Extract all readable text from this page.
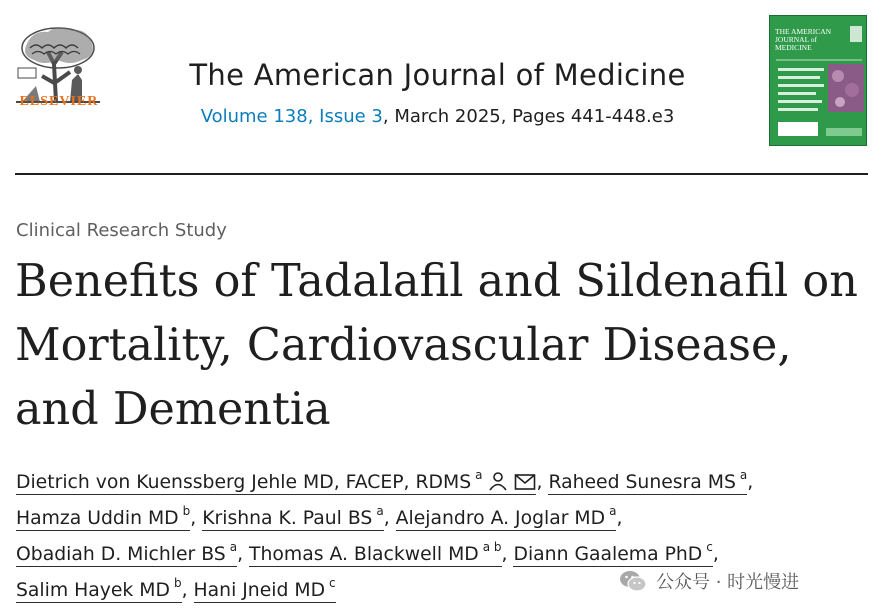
ELSEVIER
The American Journal of Medicine
Volume 138, Issue 3, March 2025, Pages 441-448.e3
THE AMERICAN JOURNAL of MEDICINE
Clinical Research Study
Benefits of Tadalafil and Sildenafil on Mortality, Cardiovascular Disease, and Dementia
Dietrich von Kuenssberg Jehle MD, FACEP, RDMS $^a$	, Raheed Sunesra MS $^a$,
Hamza Uddin MD $^b$, Krishna K. Paul BS $^a$, Alejandro A. Joglar MD $^a$,
Obadiah D. Michler BS $^a$, Thomas A. Blackwell MD $^{a b}$, Diann Gaalema PhD $^c$,
Salim Hayek MD $^b$, Hani Jneid MD $^c$	公众号 · 时光慢进
